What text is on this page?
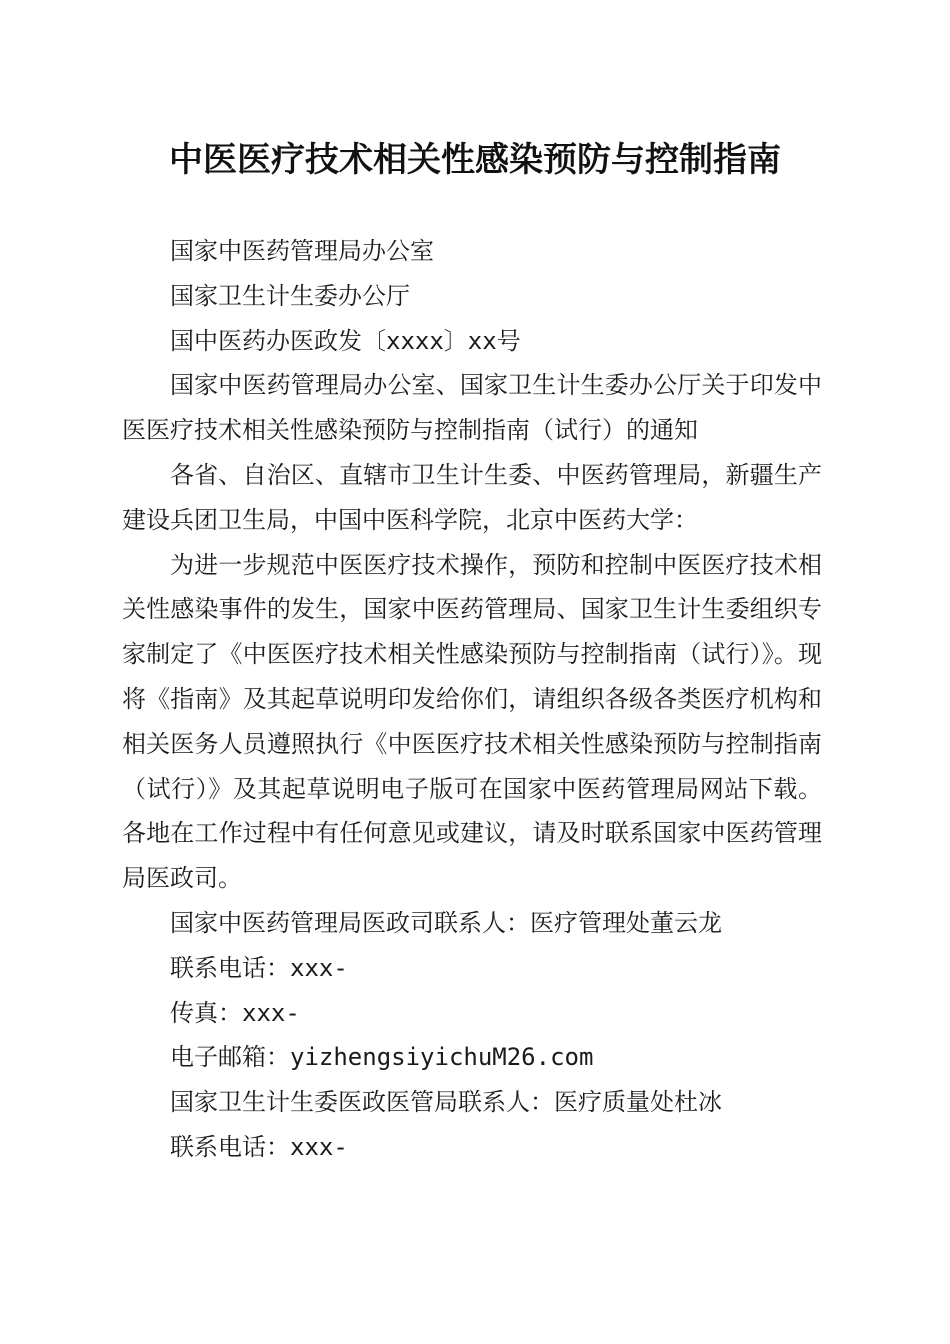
中医医疗技术相关性感染预防与控制指南

国家中医药管理局办公室

国家卫生计生委办公厅

国中医药办医政发〔xxxx〕xx号

国家中医药管理局办公室、国家卫生计生委办公厅关于印发中医医疗技术相关性感染预防与控制指南（试行）的通知

各省、自治区、直辖市卫生计生委、中医药管理局，新疆生产建设兵团卫生局，中国中医科学院，北京中医药大学：

为进一步规范中医医疗技术操作，预防和控制中医医疗技术相关性感染事件的发生，国家中医药管理局、国家卫生计生委组织专家制定了《中医医疗技术相关性感染预防与控制指南（试行）》。现将《指南》及其起草说明印发给你们，请组织各级各类医疗机构和相关医务人员遵照执行《中医医疗技术相关性感染预防与控制指南（试行）》及其起草说明电子版可在国家中医药管理局网站下载。各地在工作过程中有任何意见或建议，请及时联系国家中医药管理局医政司。

国家中医药管理局医政司联系人：医疗管理处董云龙

联系电话：xxx-

传真：xxx-

电子邮箱：yizhengsiyichuM26.com

国家卫生计生委医政医管局联系人：医疗质量处杜冰

联系电话：xxx-
